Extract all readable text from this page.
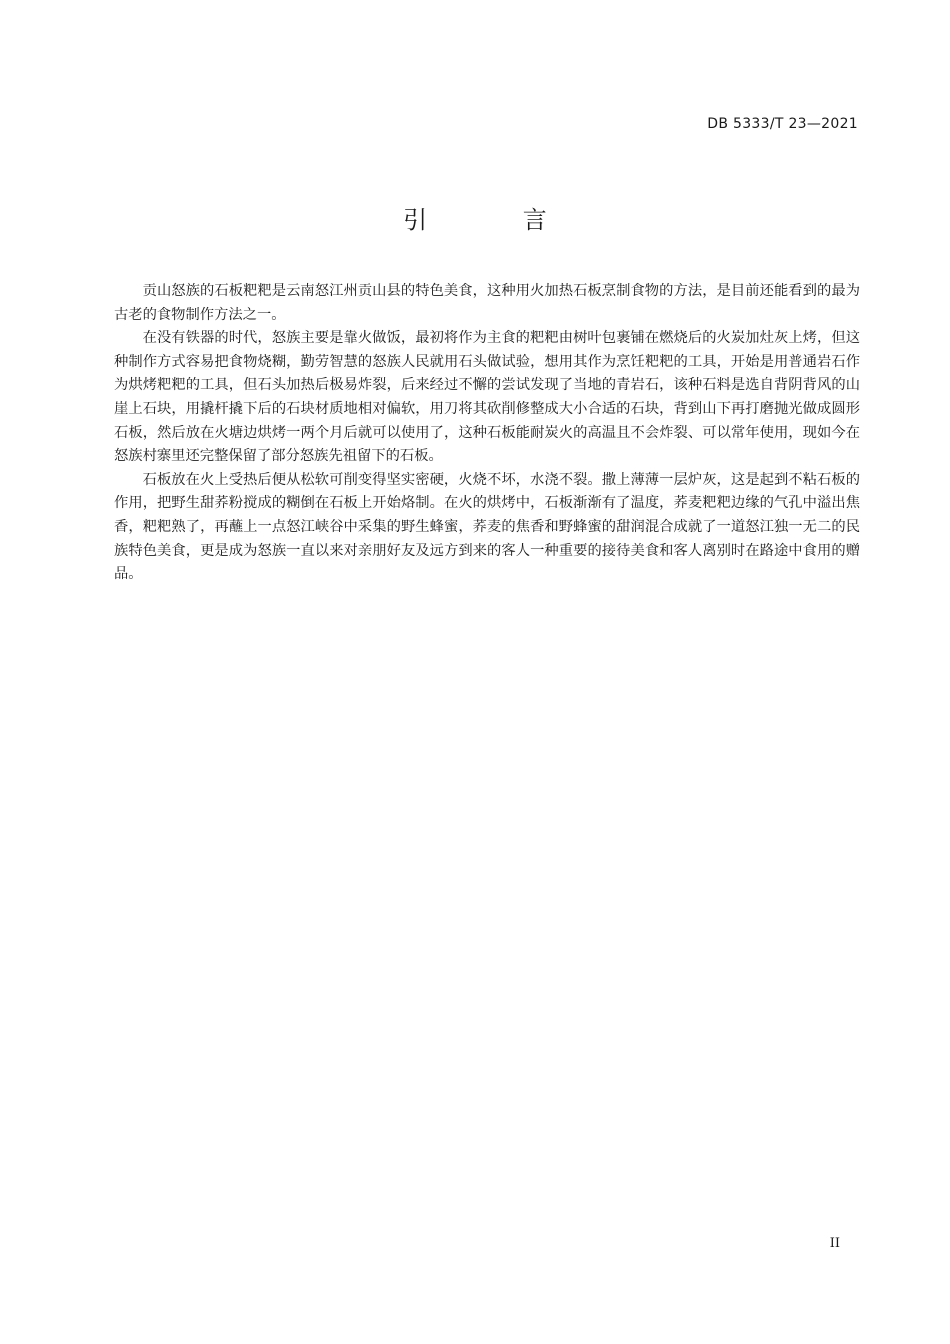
DB 5333/T 23—2021
引 言

贡山怒族的石板粑粑是云南怒江州贡山县的特色美食，这种用火加热石板烹制食物的方法，是目前还能看到的最为古老的食物制作方法之一。

在没有铁器的时代，怒族主要是靠火做饭，最初将作为主食的粑粑由树叶包裹铺在燃烧后的火炭加灶灰上烤，但这种制作方式容易把食物烧糊，勤劳智慧的怒族人民就用石头做试验，想用其作为烹饪粑粑的工具，开始是用普通岩石作为烘烤粑粑的工具，但石头加热后极易炸裂，后来经过不懈的尝试发现了当地的青岩石，该种石料是选自背阴背风的山崖上石块，用撬杆撬下后的石块材质地相对偏软，用刀将其砍削修整成大小合适的石块，背到山下再打磨抛光做成圆形石板，然后放在火塘边烘烤一两个月后就可以使用了，这种石板能耐炭火的高温且不会炸裂、可以常年使用，现如今在怒族村寨里还完整保留了部分怒族先祖留下的石板。

石板放在火上受热后便从松软可削变得坚实密硬，火烧不坏，水浇不裂。撒上薄薄一层炉灰，这是起到不粘石板的作用，把野生甜荞粉搅成的糊倒在石板上开始烙制。在火的烘烤中，石板渐渐有了温度，荞麦粑粑边缘的气孔中溢出焦香，粑粑熟了，再蘸上一点怒江峡谷中采集的野生蜂蜜，荞麦的焦香和野蜂蜜的甜润混合成就了一道怒江独一无二的民族特色美食，更是成为怒族一直以来对亲朋好友及远方到来的客人一种重要的接待美食和客人离别时在路途中食用的赠品。

II
